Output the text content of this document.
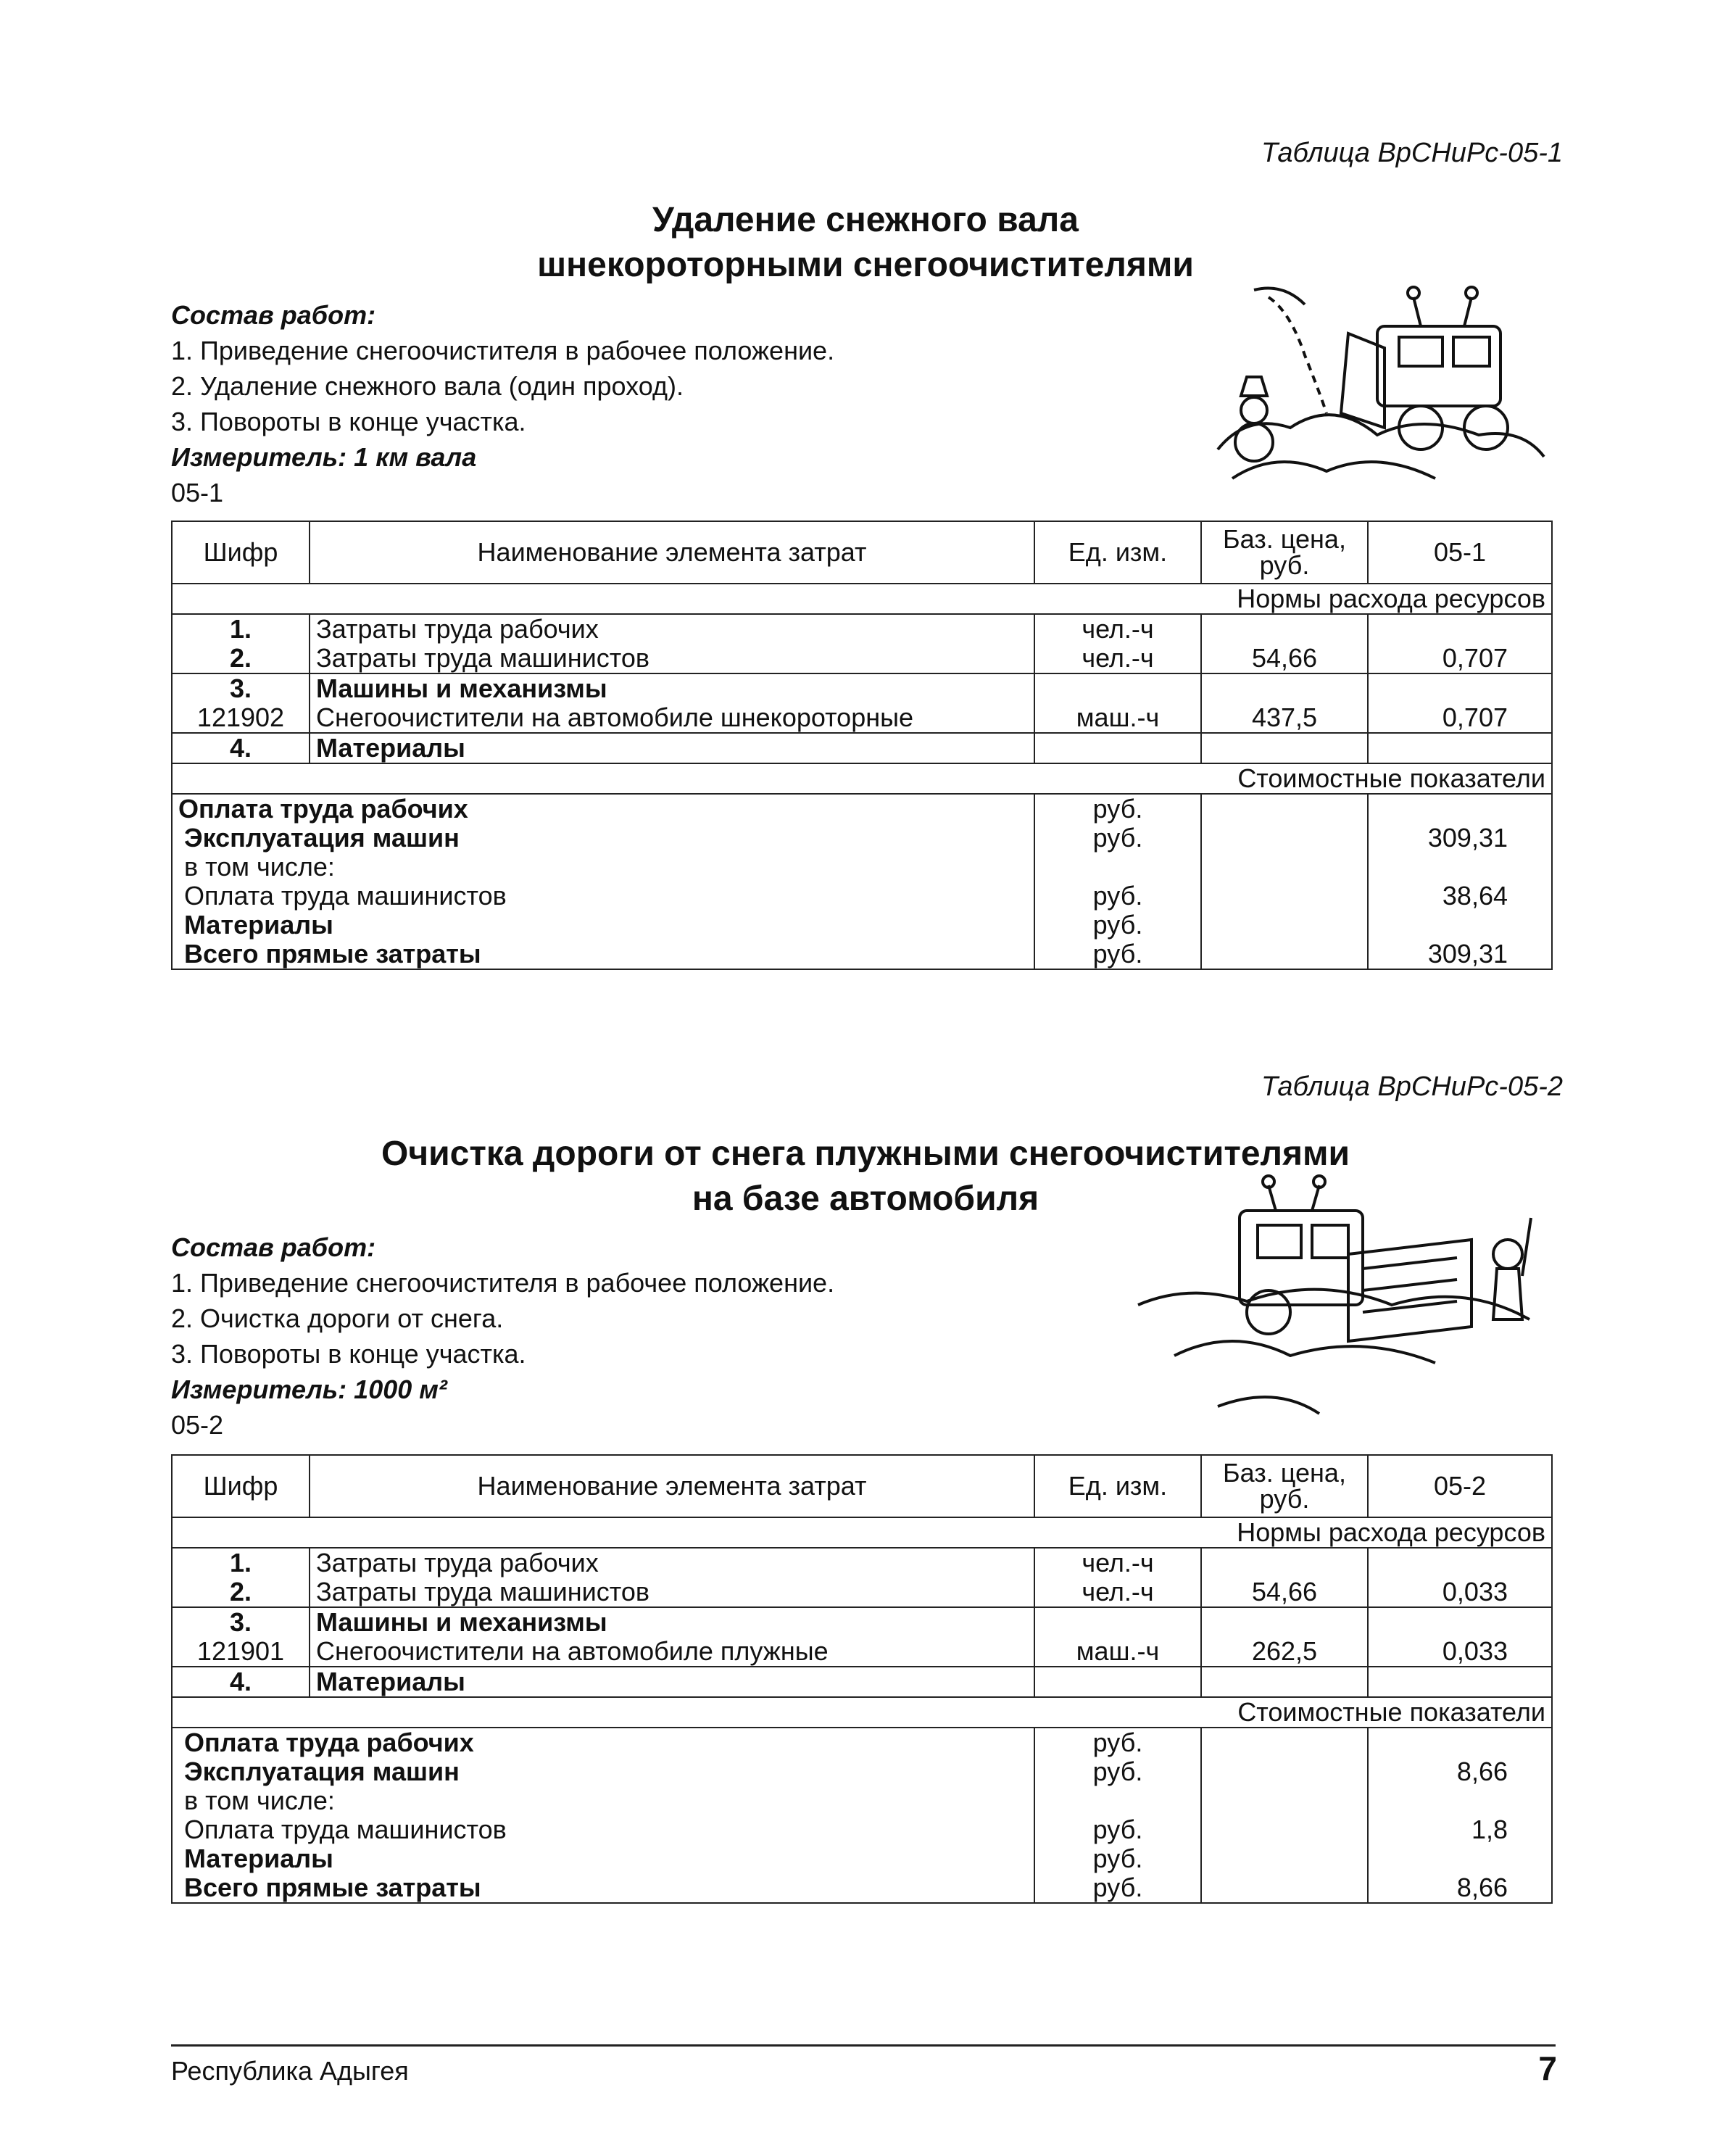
Таблица ВрСНиРс-05-1
Удаление снежного вала
шнекороторными снегоочистителями
Состав работ:
1. Приведение снегоочистителя в рабочее положение.
2. Удаление снежного вала (один проход).
3. Повороты в конце участка.
Измеритель: 1 км вала
05-1
Шифр	Наименование элемента затрат	Ед. изм.	Баз. цена, руб.	05-1
Нормы расхода ресурсов				
1.	Затраты труда рабочих	чел.-ч		
2.	Затраты труда машинистов	чел.-ч	54,66	0,707
3.	Машины и механизмы			
121902	Снегоочистители на автомобиле шнекороторные	маш.-ч	437,5	0,707
4.	Материалы			
Стоимостные показатели				
Оплата труда рабочих		руб.		
Эксплуатация машин		руб.		309,31
в том числе:				
Оплата труда машинистов		руб.		38,64
Материалы		руб.		
Всего прямые затраты		руб.		309,31
Таблица ВрСНиРс-05-2
Очистка дороги от снега плужными снегоочистителями
на базе автомобиля
Состав работ:
1. Приведение снегоочистителя в рабочее положение.
2. Очистка дороги от снега.
3. Повороты в конце участка.
Измеритель: 1000 м²
05-2
Шифр	Наименование элемента затрат	Ед. изм.	Баз. цена, руб.	05-2
Нормы расхода ресурсов				
1.	Затраты труда рабочих	чел.-ч		
2.	Затраты труда машинистов	чел.-ч	54,66	0,033
3.	Машины и механизмы			
121901	Снегоочистители на автомобиле плужные	маш.-ч	262,5	0,033
4.	Материалы			
Стоимостные показатели				
Оплата труда рабочих		руб.		
Эксплуатация машин		руб.		8,66
в том числе:				
Оплата труда машинистов		руб.		1,8
Материалы		руб.		
Всего прямые затраты		руб.		8,66
Республика Адыгея	7
